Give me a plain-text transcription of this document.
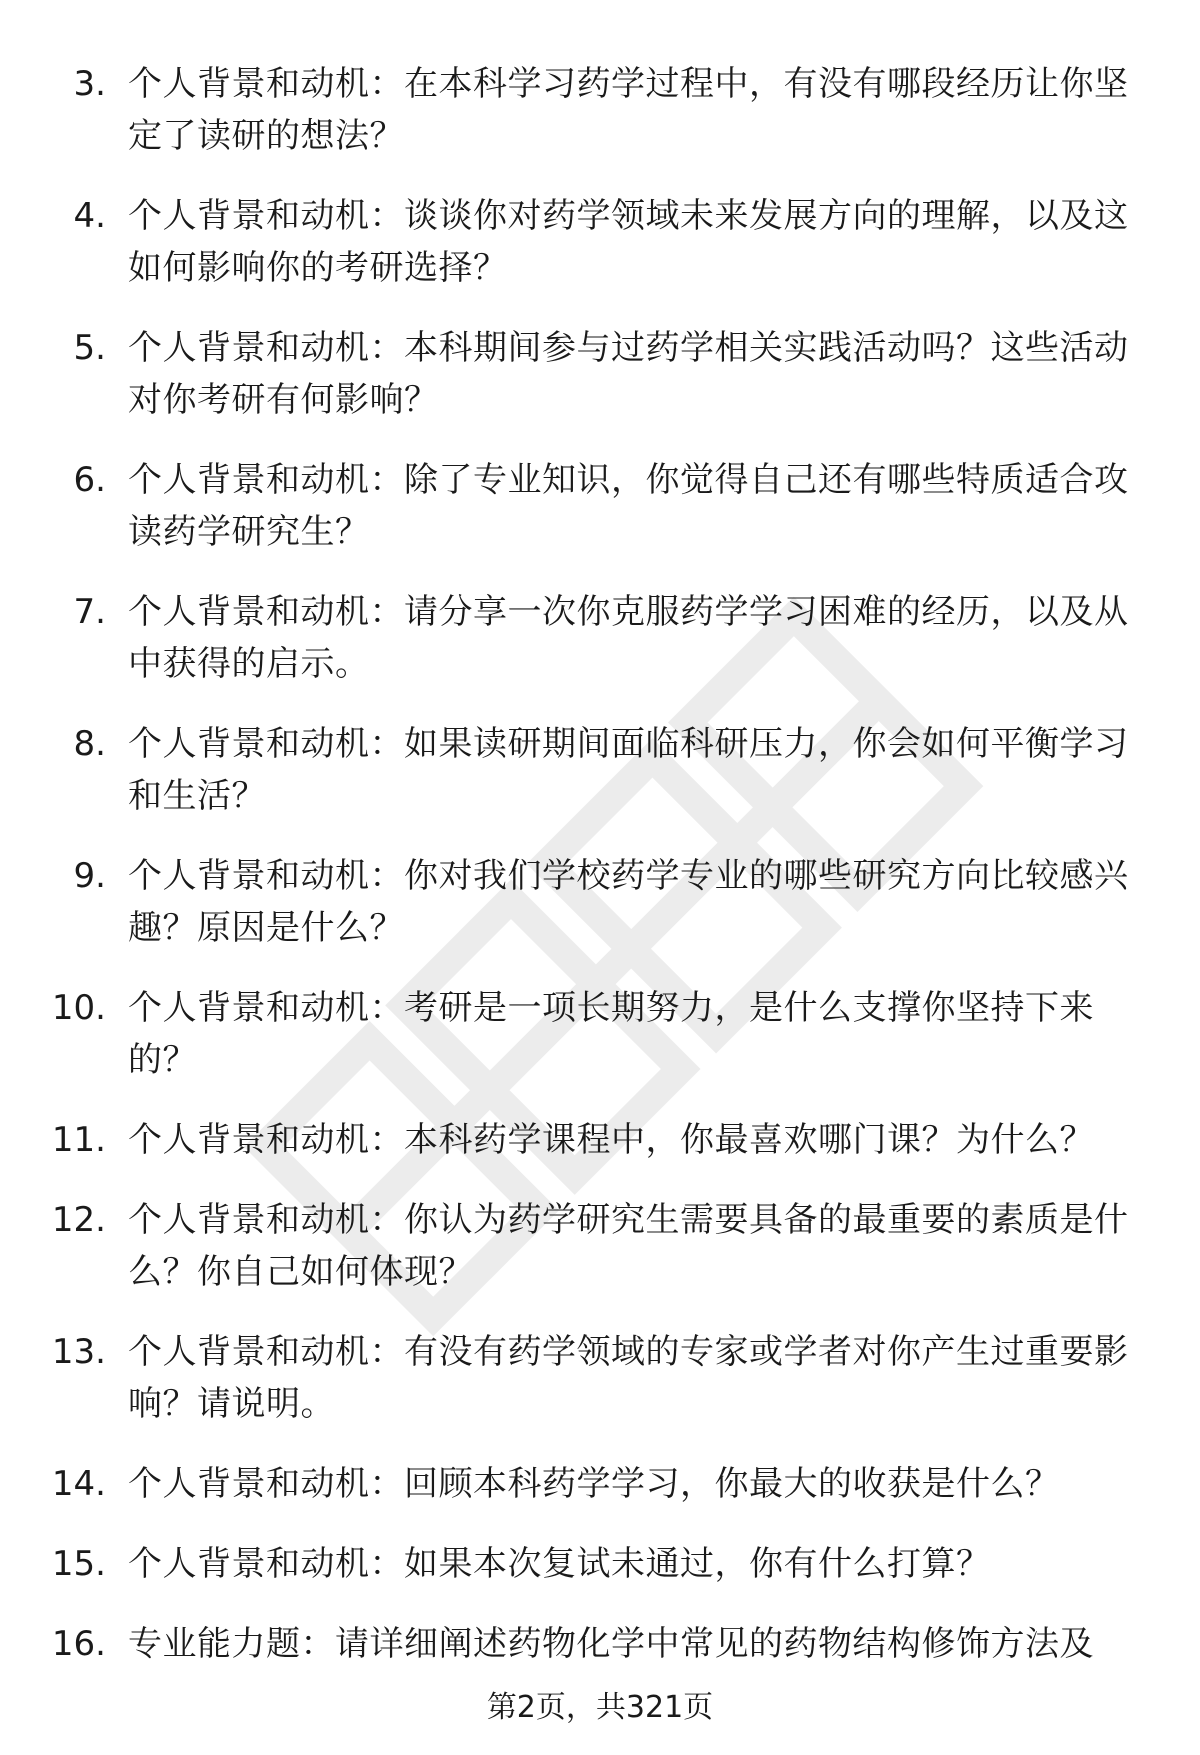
3. 个人背景和动机：在本科学习药学过程中，有没有哪段经历让你坚定了读研的想法？
4. 个人背景和动机：谈谈你对药学领域未来发展方向的理解，以及这如何影响你的考研选择？
5. 个人背景和动机：本科期间参与过药学相关实践活动吗？这些活动对你考研有何影响？
6. 个人背景和动机：除了专业知识，你觉得自己还有哪些特质适合攻读药学研究生？
7. 个人背景和动机：请分享一次你克服药学学习困难的经历，以及从中获得的启示。
8. 个人背景和动机：如果读研期间面临科研压力，你会如何平衡学习和生活？
9. 个人背景和动机：你对我们学校药学专业的哪些研究方向比较感兴趣？原因是什么？
10. 个人背景和动机：考研是一项长期努力，是什么支撑你坚持下来的？
11. 个人背景和动机：本科药学课程中，你最喜欢哪门课？为什么？
12. 个人背景和动机：你认为药学研究生需要具备的最重要的素质是什么？你自己如何体现？
13. 个人背景和动机：有没有药学领域的专家或学者对你产生过重要影响？请说明。
14. 个人背景和动机：回顾本科药学学习，你最大的收获是什么？
15. 个人背景和动机：如果本次复试未通过，你有什么打算？
16. 专业能力题：请详细阐述药物化学中常见的药物结构修饰方法及
第2页，共321页
